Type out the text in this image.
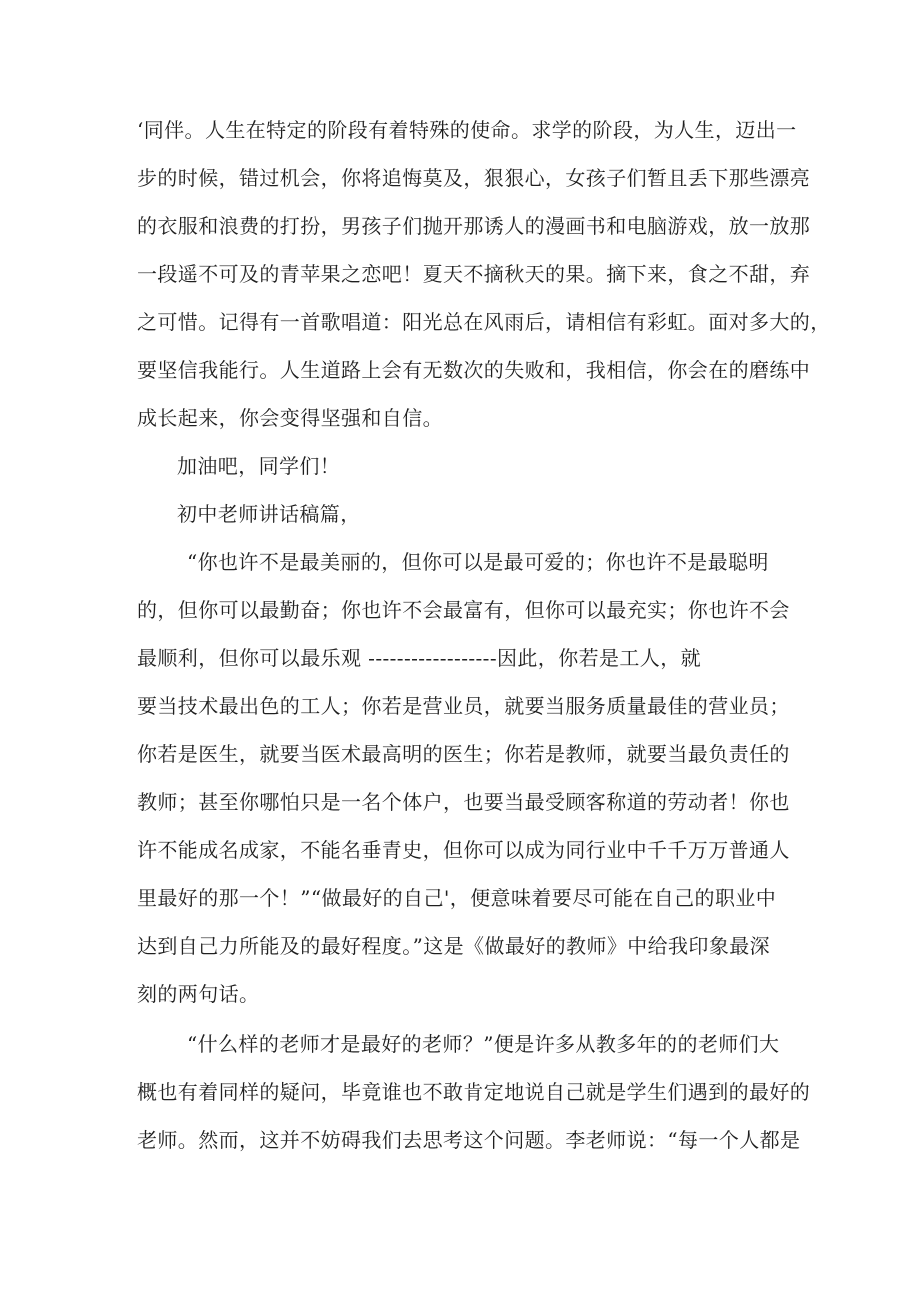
‘同伴。人生在特定的阶段有着特殊的使命。求学的阶段，为人生，迈出一
步的时候，错过机会，你将追悔莫及，狠狠心，女孩子们暂且丢下那些漂亮
的衣服和浪费的打扮，男孩子们抛开那诱人的漫画书和电脑游戏，放一放那
一段遥不可及的青苹果之恋吧！夏天不摘秋天的果。摘下来，食之不甜，弃
之可惜。记得有一首歌唱道：阳光总在风雨后，请相信有彩虹。面对多大的，
要坚信我能行。人生道路上会有无数次的失败和，我相信，你会在的磨练中
成长起来，你会变得坚强和自信。
加油吧，同学们！
初中老师讲话稿篇，
“你也许不是最美丽的，但你可以是最可爱的；你也许不是最聪明
的，但你可以最勤奋；你也许不会最富有，但你可以最充实；你也许不会
最顺利，但你可以最乐观 ------------------因此，你若是工人，就
要当技术最出色的工人；你若是营业员，就要当服务质量最佳的营业员；
你若是医生，就要当医术最高明的医生；你若是教师，就要当最负责任的
教师；甚至你哪怕只是一名个体户，也要当最受顾客称道的劳动者！你也
许不能成名成家，不能名垂青史，但你可以成为同行业中千千万万普通人
里最好的那一个！”“做最好的自己'，便意味着要尽可能在自己的职业中
达到自己力所能及的最好程度。”这是《做最好的教师》中给我印象最深
刻的两句话。
“什么样的老师才是最好的老师？”便是许多从教多年的的老师们大
概也有着同样的疑问，毕竟谁也不敢肯定地说自己就是学生们遇到的最好的
老师。然而，这并不妨碍我们去思考这个问题。李老师说：“每一个人都是
